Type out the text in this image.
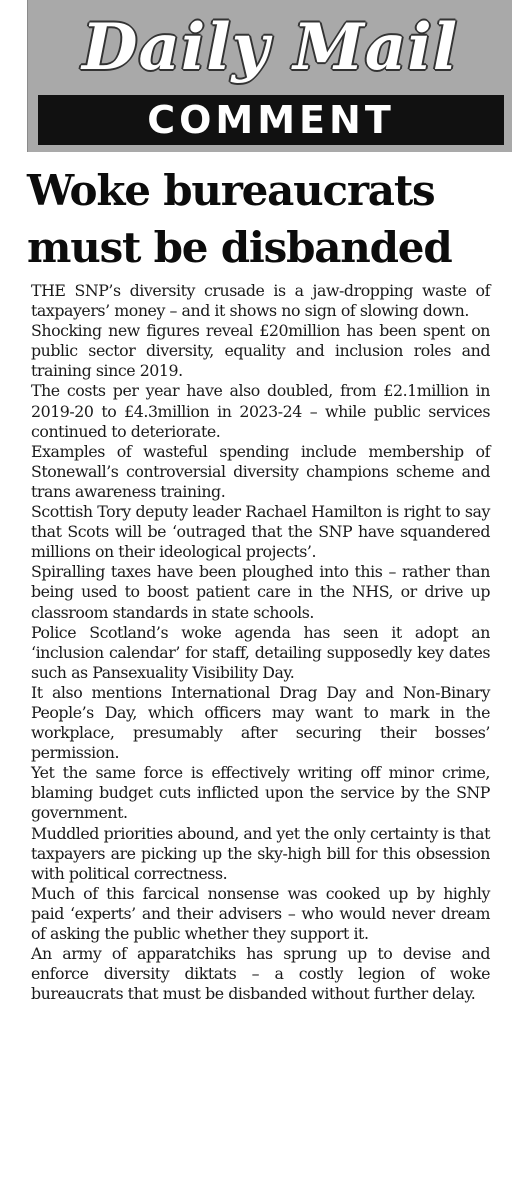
Daily Mail
COMMENT
Woke bureaucrats
must be disbanded

THE SNP’s diversity crusade is a jaw-dropping waste of taxpayers’ money – and it shows no sign of slowing down.

Shocking new figures reveal £20million has been spent on public sector diversity, equality and inclusion roles and training since 2019.

The costs per year have also doubled, from £2.1million in 2019-20 to £4.3million in 2023-24 – while public services continued to deteriorate.

Examples of wasteful spending include membership of Stonewall’s controversial diversity champions scheme and trans awareness training.

Scottish Tory deputy leader Rachael Hamilton is right to say that Scots will be ‘outraged that the SNP have squandered millions on their ideological projects’.

Spiralling taxes have been ploughed into this – rather than being used to boost patient care in the NHS, or drive up classroom standards in state schools.

Police Scotland’s woke agenda has seen it adopt an ‘inclusion calendar’ for staff, detailing supposedly key dates such as Pansexuality Visibility Day.

It also mentions International Drag Day and Non-Binary People’s Day, which officers may want to mark in the workplace, presumably after securing their bosses’ permission.

Yet the same force is effectively writing off minor crime, blaming budget cuts inflicted upon the service by the SNP government.

Muddled priorities abound, and yet the only certainty is that taxpayers are picking up the sky-high bill for this obsession with political correctness.

Much of this farcical nonsense was cooked up by highly paid ‘experts’ and their advisers – who would never dream of asking the public whether they support it.

An army of apparatchiks has sprung up to devise and enforce diversity diktats – a costly legion of woke bureaucrats that must be disbanded without further delay.
